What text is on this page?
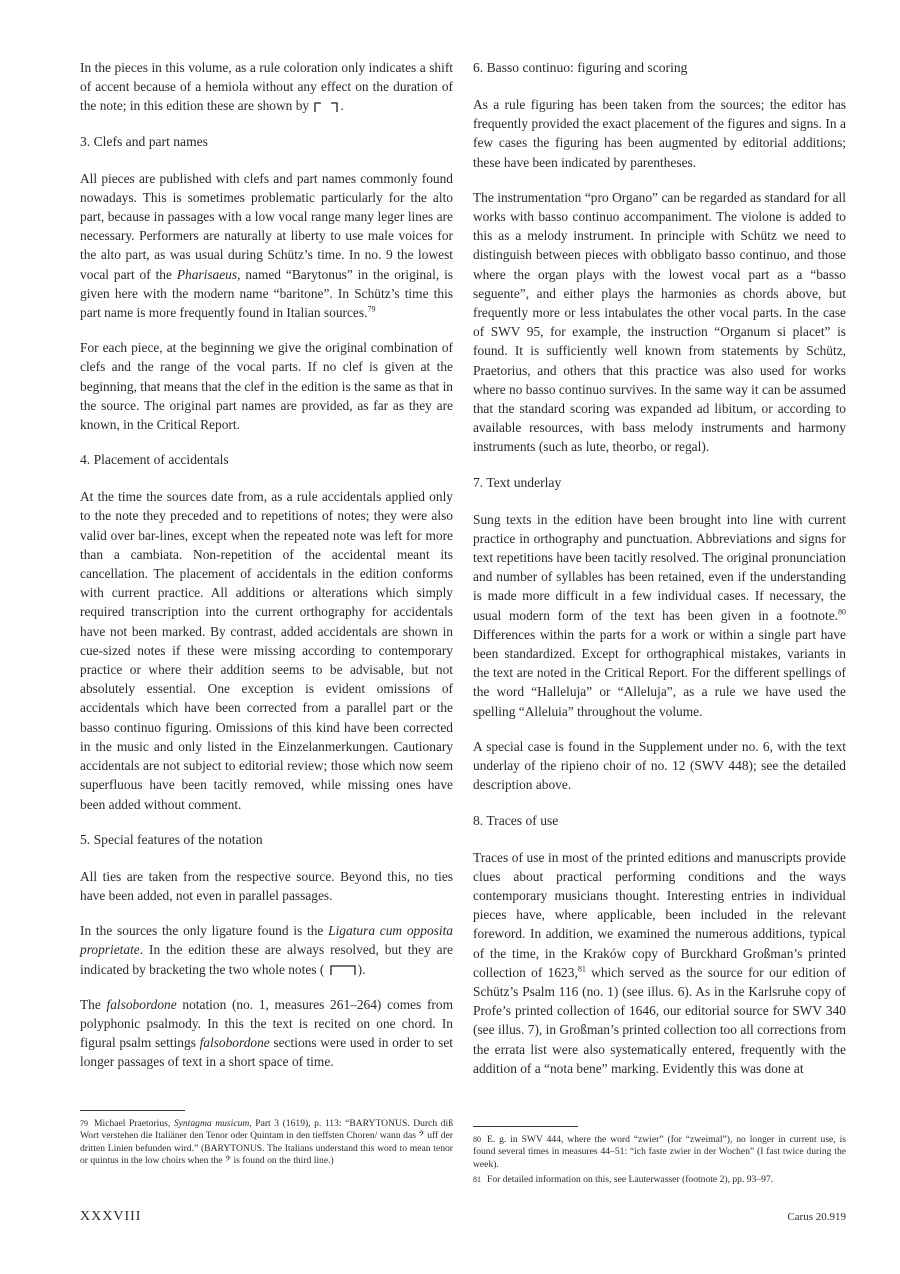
In the pieces in this volume, as a rule coloration only indicates a shift of accent because of a hemiola without any effect on the duration of the note; in this edition these are shown by .

3. Clefs and part names

All pieces are published with clefs and part names commonly found nowadays. This is sometimes problematic particularly for the alto part, because in passages with a low vocal range many leger lines are necessary. Performers are naturally at liberty to use male voices for the alto part, as was usual during Schütz’s time. In no. 9 the lowest vocal part of the Pharisaeus, named “Barytonus” in the original, is given here with the modern name “baritone”. In Schütz’s time this part name is more frequently found in Italian sources.$^{79}$

For each piece, at the beginning we give the original combination of clefs and the range of the vocal parts. If no clef is given at the beginning, that means that the clef in the edition is the same as that in the source. The original part names are provided, as far as they are known, in the Critical Report.

4. Placement of accidentals

At the time the sources date from, as a rule accidentals applied only to the note they preceded and to repetitions of notes; they were also valid over bar-lines, except when the repeated note was left for more than a cambiata. Non-repetition of the accidental meant its cancellation. The placement of accidentals in the edition conforms with current practice. All additions or alterations which simply required transcription into the current orthography for accidentals have not been marked. By contrast, added accidentals are shown in cue-sized notes if these were missing according to contemporary practice or where their addition seems to be advisable, but not absolutely essential. One exception is evident omissions of accidentals which have been corrected from a parallel part or the basso continuo figuring. Omissions of this kind have been corrected in the music and only listed in the Einzelanmerkungen. Cautionary accidentals are not subject to editorial review; those which now seem superfluous have been tacitly removed, while missing ones have been added without comment.

5. Special features of the notation

All ties are taken from the respective source. Beyond this, no ties have been added, not even in parallel passages.

In the sources the only ligature found is the Ligatura cum opposita proprietate. In the edition these are always resolved, but they are indicated by bracketing the two whole notes ( ).

The falsobordone notation (no. 1, measures 261–264) comes from polyphonic psalmody. In this the text is recited on one chord. In figural psalm settings falsobordone sections were used in order to set longer passages of text in a short space of time.

6. Basso continuo: figuring and scoring

As a rule figuring has been taken from the sources; the editor has frequently provided the exact placement of the figures and signs. In a few cases the figuring has been augmented by editorial additions; these have been indicated by parentheses.

The instrumentation “pro Organo” can be regarded as standard for all works with basso continuo accompaniment. The violone is added to this as a melody instrument. In principle with Schütz we need to distinguish between pieces with obbligato basso continuo, and those where the organ plays with the lowest vocal part as a “basso seguente”, and either plays the harmonies as chords above, but frequently more or less intabulates the other vocal parts. In the case of SWV 95, for example, the instruction “Organum si placet” is found. It is sufficiently well known from statements by Schütz, Praetorius, and others that this practice was also used for works where no basso continuo survives. In the same way it can be assumed that the standard scoring was expanded ad libitum, or according to available resources, with bass melody instruments and harmony instruments (such as lute, theorbo, or regal).

7. Text underlay

Sung texts in the edition have been brought into line with current practice in orthography and punctuation. Abbreviations and signs for text repetitions have been tacitly resolved. The original pronunciation and number of syllables has been retained, even if the understanding is made more difficult in a few individual cases. If necessary, the usual modern form of the text has been given in a footnote.$^{80}$ Differences within the parts for a work or within a single part have been standardized. Except for orthographical mistakes, variants in the text are noted in the Critical Report. For the different spellings of the word “Halleluja” or “Alleluja”, as a rule we have used the spelling “Alleluia” throughout the volume.

A special case is found in the Supplement under no. 6, with the text underlay of the ripieno choir of no. 12 (SWV 448); see the detailed description above.

8. Traces of use

Traces of use in most of the printed editions and manuscripts provide clues about practical performing conditions and the ways contemporary musicians thought. Interesting entries in individual pieces have, where applicable, been included in the relevant foreword. In addition, we examined the numerous additions, typical of the time, in the Kraków copy of Burckhard Großman’s printed collection of 1623,81 which served as the source for our edition of Schütz’s Psalm 116 (no. 1) (see illus. 6). As in the Karlsruhe copy of Profe’s printed collection of 1646, our editorial source for SWV 340 (see illus. 7), in Großman’s printed collection too all corrections from the errata list were also systematically entered, frequently with the addition of a “nota bene” marking. Evidently this was done at

$^{79}$ Michael Praetorius, Syntagma musicum, Part 3 (1619), p. 113: “BARYTONUS. Durch diß Wort verstehen die Italiäner den Tenor oder Quintam in den tieffsten Choren/ wann das 𝄢 uff der dritten Linien befunden wird.” (BARYTONUS. The Italians understand this word to mean tenor or quintus in the low choirs when the 𝄢 is found on the third line.)
$^{80}$ E. g. in SWV 444, where the word “zwier” (for “zweimal”), no longer in current use, is found several times in measures 44–51: “ich faste zwier in der Wochen” (I fast twice during the week).
$^{81}$ For detailed information on this, see Lauterwasser (footnote 2), pp. 93–97.
XXXVIII	Carus 20.919
